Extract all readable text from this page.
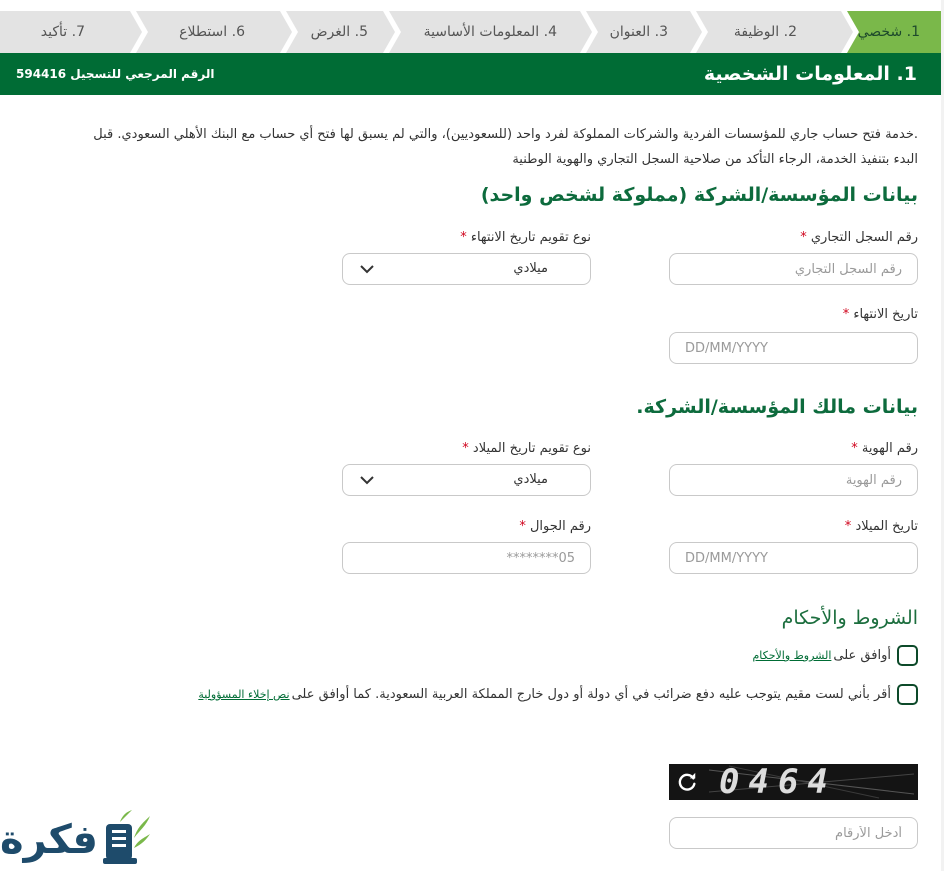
1. شخصي
2. الوظيفة
3. العنوان
4. المعلومات الأساسية
5. الغرض
6. استطلاع
7. تأكيد
1. المعلومات الشخصية
الرقم المرجعي للتسجيل 594416
.خدمة فتح حساب جاري للمؤسسات الفردية والشركات المملوكة لفرد واحد (للسعوديين)، والتي لم يسبق لها فتح أي حساب مع البنك الأهلي السعودي. قبل
البدء بتنفيذ الخدمة، الرجاء التأكد من صلاحية السجل التجاري والهوية الوطنية
بيانات المؤسسة/الشركة (مملوكة لشخص واحد)
رقم السجل التجاري *
رقم السجل التجاري
نوع تقويم تاريخ الانتهاء *
ميلادي
تاريخ الانتهاء *
DD/MM/YYYY
بيانات مالك المؤسسة/الشركة.
رقم الهوية *
رقم الهوية
نوع تقويم تاريخ الميلاد *
ميلادي
تاريخ الميلاد *
DD/MM/YYYY
رقم الجوال *
05********
الشروط والأحكام
أوافق على
الشروط والأحكام
أقر بأني لست مقيم يتوجب عليه دفع ضرائب في أي دولة أو دول خارج المملكة العربية السعودية. كما أوافق على
نص إخلاء المسؤولية
0464
أدخل الأرقام
فكرة
